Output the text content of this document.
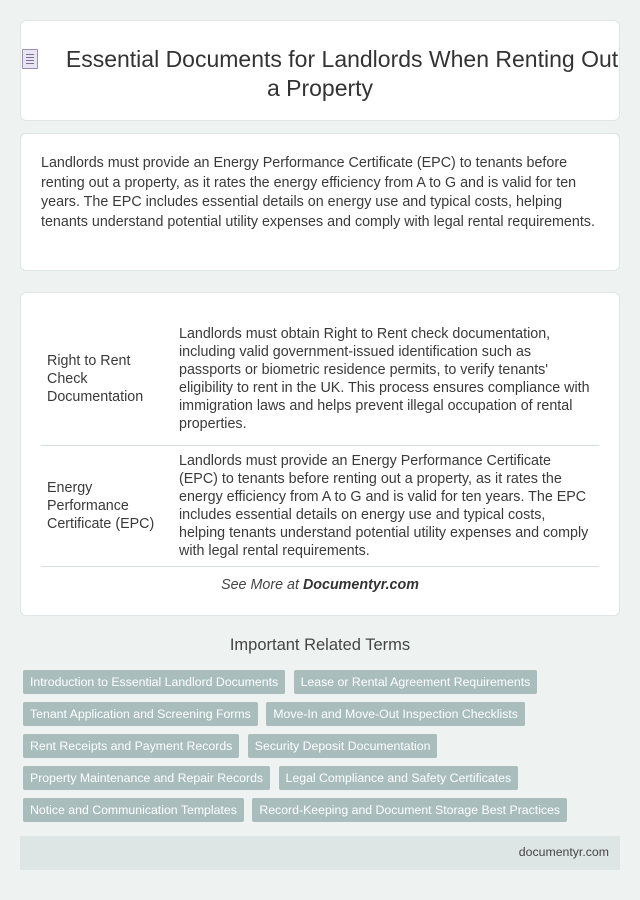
Essential Documents for Landlords When Renting Out a Property
Landlords must provide an Energy Performance Certificate (EPC) to tenants before renting out a property, as it rates the energy efficiency from A to G and is valid for ten years. The EPC includes essential details on energy use and typical costs, helping tenants understand potential utility expenses and comply with legal rental requirements.
Right to Rent Check Documentation	Landlords must obtain Right to Rent check documentation, including valid government-issued identification such as passports or biometric residence permits, to verify tenants' eligibility to rent in the UK. This process ensures compliance with immigration laws and helps prevent illegal occupation of rental properties.
Energy Performance Certificate (EPC)	Landlords must provide an Energy Performance Certificate (EPC) to tenants before renting out a property, as it rates the energy efficiency from A to G and is valid for ten years. The EPC includes essential details on energy use and typical costs, helping tenants understand potential utility expenses and comply with legal rental requirements.
See More at Documentyr.com
Important Related Terms
Introduction to Essential Landlord Documents Lease or Rental Agreement Requirements
Tenant Application and Screening Forms Move-In and Move-Out Inspection Checklists
Rent Receipts and Payment Records Security Deposit Documentation
Property Maintenance and Repair Records Legal Compliance and Safety Certificates
Notice and Communication Templates Record-Keeping and Document Storage Best Practices
documentyr.com
